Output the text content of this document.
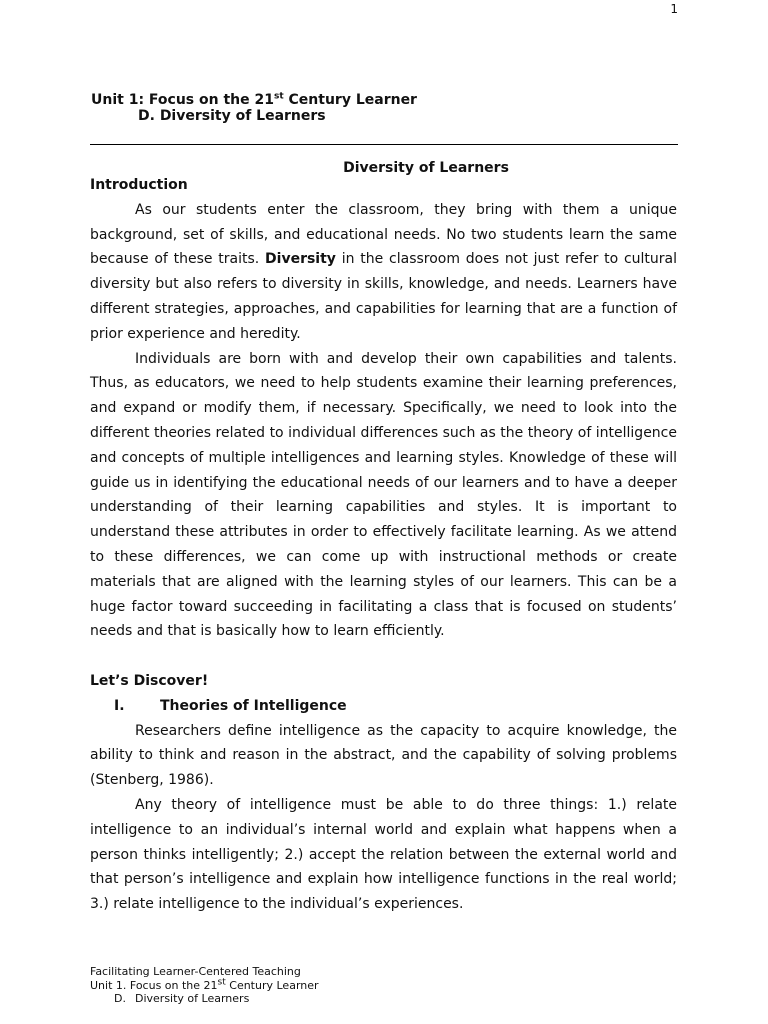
1
Unit 1: Focus on the 21st Century Learner
D. Diversity of Learners
Diversity of Learners
Introduction

As our students enter the classroom, they bring with them a unique background, set of skills, and educational needs. No two students learn the same because of these traits. Diversity in the classroom does not just refer to cultural diversity but also refers to diversity in skills, knowledge, and needs. Learners have different strategies, approaches, and capabilities for learning that are a function of prior experience and heredity.

Individuals are born with and develop their own capabilities and talents. Thus, as educators, we need to help students examine their learning preferences, and expand or modify them, if necessary. Specifically, we need to look into the different theories related to individual differences such as the theory of intelligence and concepts of multiple intelligences and learning styles. Knowledge of these will guide us in identifying the educational needs of our learners and to have a deeper understanding of their learning capabilities and styles. It is important to understand these attributes in order to effectively facilitate learning. As we attend to these differences, we can come up with instructional methods or create materials that are aligned with the learning styles of our learners. This can be a huge factor toward succeeding in facilitating a class that is focused on students’ needs and that is basically how to learn efficiently.

Let’s Discover!
I.	Theories of Intelligence

Researchers define intelligence as the capacity to acquire knowledge, the ability to think and reason in the abstract, and the capability of solving problems (Stenberg, 1986).

Any theory of intelligence must be able to do three things: 1.) relate intelligence to an individual’s internal world and explain what happens when a person thinks intelligently; 2.) accept the relation between the external world and that person’s intelligence and explain how intelligence functions in the real world; 3.) relate intelligence to the individual’s experiences.

Facilitating Learner-Centered Teaching
Unit 1. Focus on the 21st Century Learner
D. Diversity of Learners
